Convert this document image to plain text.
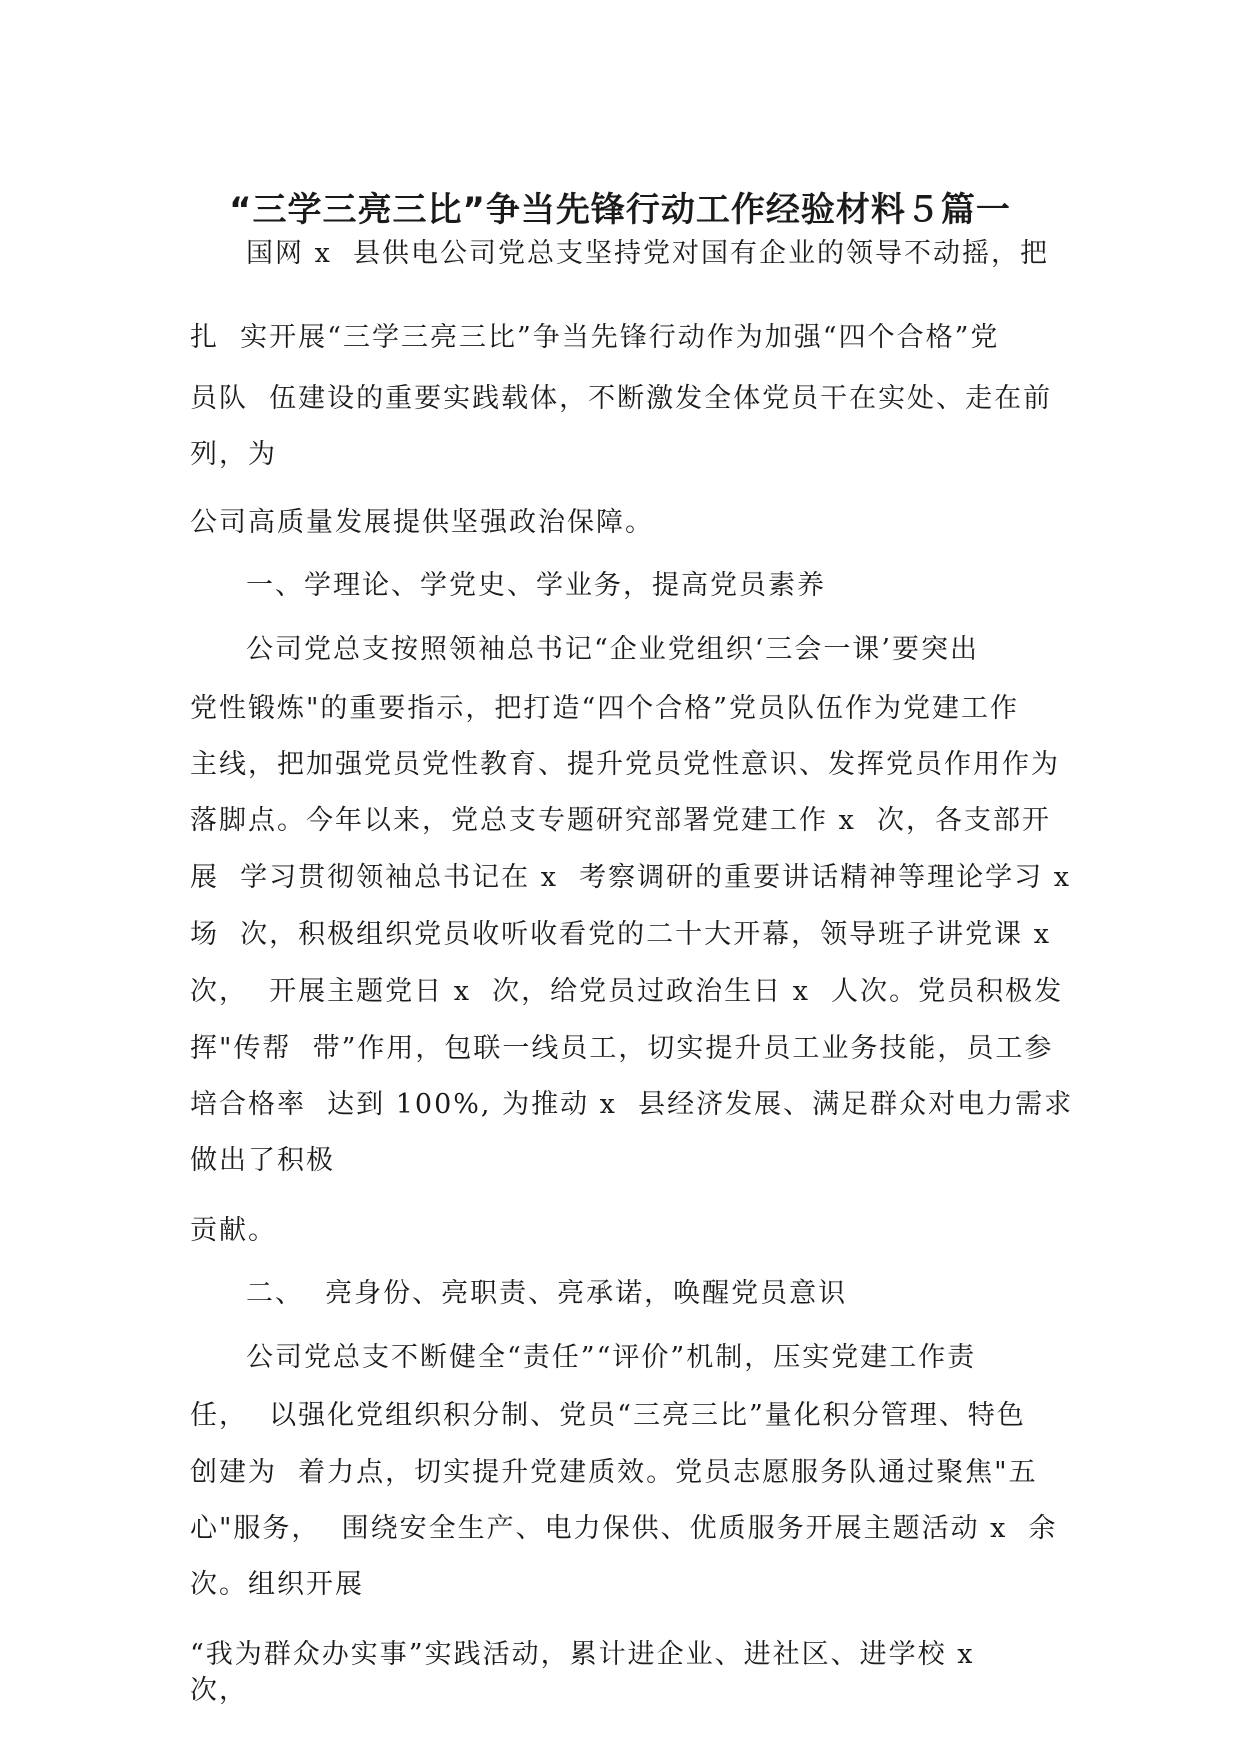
“三学三亮三比”争当先锋行动工作经验材料５篇一

国网 x  县供电公司党总支坚持党对国有企业的领导不动摇，把

扎  实开展“三学三亮三比”争当先锋行动作为加强“四个合格”党

员队  伍建设的重要实践载体，不断激发全体党员干在实处、走在前

列，为

公司高质量发展提供坚强政治保障。

一、学理论、学党史、学业务，提高党员素养

公司党总支按照领袖总书记“企业党组织‘三会一课’要突出

党性锻炼"的重要指示，把打造“四个合格”党员队伍作为党建工作

主线，把加强党员党性教育、提升党员党性意识、发挥党员作用作为

落脚点。今年以来，党总支专题研究部署党建工作 x  次，各支部开

展  学习贯彻领袖总书记在 x  考察调研的重要讲话精神等理论学习 x

场  次，积极组织党员收听收看党的二十大开幕，领导班子讲党课 x

次，  开展主题党日 x  次，给党员过政治生日 x  人次。党员积极发

挥"传帮  带”作用，包联一线员工，切实提升员工业务技能，员工参

培合格率  达到 100%, 为推动 x  县经济发展、满足群众对电力需求

做出了积极

贡献。

二、  亮身份、亮职责、亮承诺，唤醒党员意识

公司党总支不断健全“责任”“评价”机制，压实党建工作责

任，  以强化党组织积分制、党员“三亮三比”量化积分管理、特色

创建为  着力点，切实提升党建质效。党员志愿服务队通过聚焦"五

心"服务，  围绕安全生产、电力保供、优质服务开展主题活动 x  余

次。组织开展

“我为群众办实事”实践活动，累计进企业、进社区、进学校 x

次，
